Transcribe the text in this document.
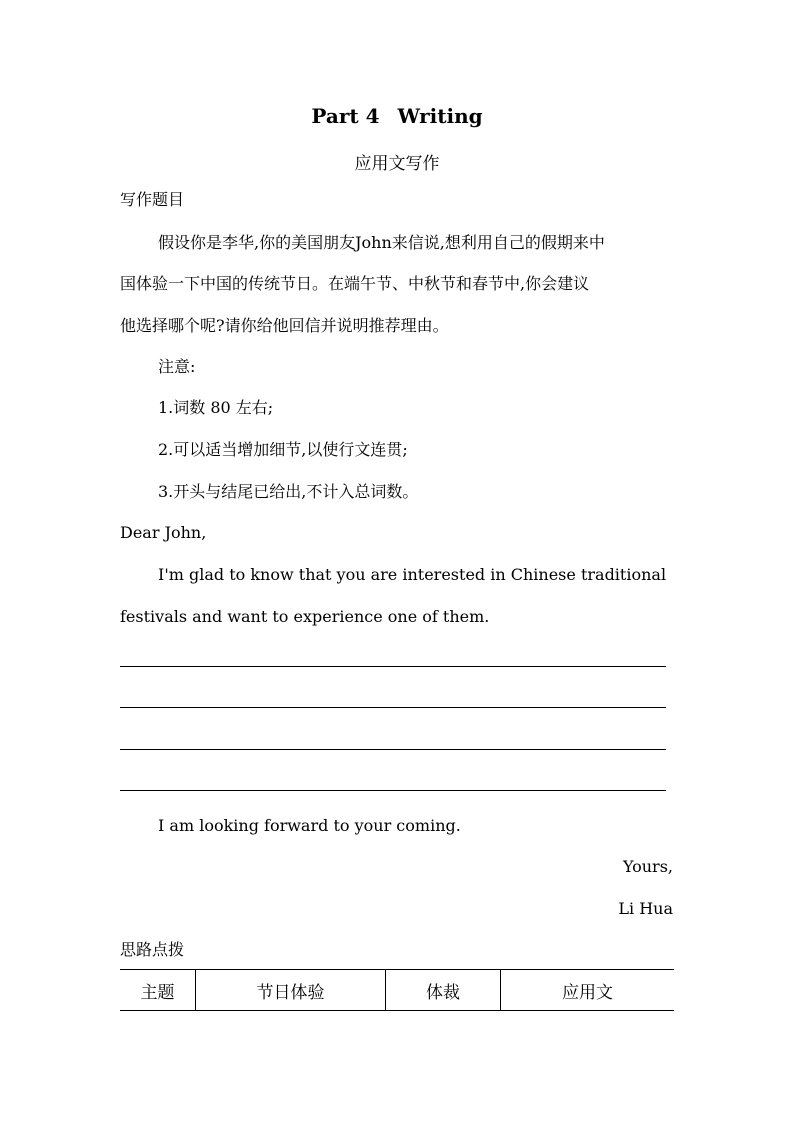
Part 4 Writing
应用文写作
写作题目
假设你是李华,你的美国朋友John来信说,想利用自己的假期来中
国体验一下中国的传统节日。在端午节、中秋节和春节中,你会建议
他选择哪个呢?请你给他回信并说明推荐理由。
注意:
1.词数 80 左右;
2.可以适当增加细节,以使行文连贯;
3.开头与结尾已给出,不计入总词数。
Dear John,
I'm glad to know that you are interested in Chinese traditional
festivals and want to experience one of them.
I am looking forward to your coming.
Yours,
Li Hua
思路点拨
主题	节日体验	体裁	应用文
